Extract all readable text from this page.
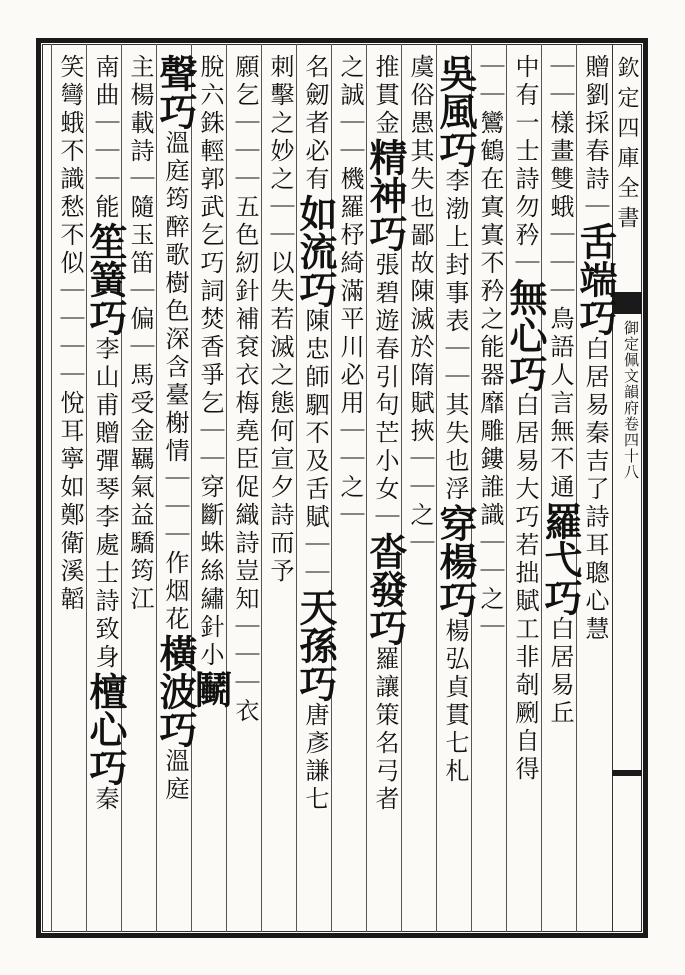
欽定四庫全書
御定佩文韻府卷四十八
贈劉採春詩｜舌端巧白居易秦吉了詩耳聰心慧
｜｜樣畫雙蛾｜｜｜鳥語人言無不通羅弋巧白居易丘
中有一士詩勿矜｜無心巧白居易大巧若拙賦工非剞劂自得
｜｜鸞鶴在寘寘不矜之能器靡雕鏤誰識｜｜之｜
吳風巧李渤上封事表｜｜其失也浮穿楊巧楊弘貞貫七札
虞俗愚其失也鄙故陳滅於隋賦挾｜｜之｜
推貫金精神巧張碧遊春引句芒小女｜沓發巧羅讓策名弓者
之誠｜｜機羅杼綺滿平川必用｜｜之｜
名劒者必有如流巧陳忠師駟不及舌賦｜｜天孫巧唐彥謙七
刺擊之妙之｜｜以失若滅之態何宣夕詩而予
願乞｜｜｜五色紉針補袞衣梅堯臣促織詩豈知｜｜｜衣
脫六銖輕郭武乞巧詞焚香爭乞｜｜穿斷蛛絲繡針小鬭
聲巧溫庭筠醉歌樹色深含臺榭情｜｜｜作烟花橫波巧溫庭
主楊載詩｜隨玉笛｜偏｜馬受金羈氣益驕筠江
南曲｜｜｜能笙簧巧李山甫贈彈琴李處士詩致身檀心巧秦
笑彎蛾不識愁不似｜｜｜｜悅耳寧如鄭衛溪韜
